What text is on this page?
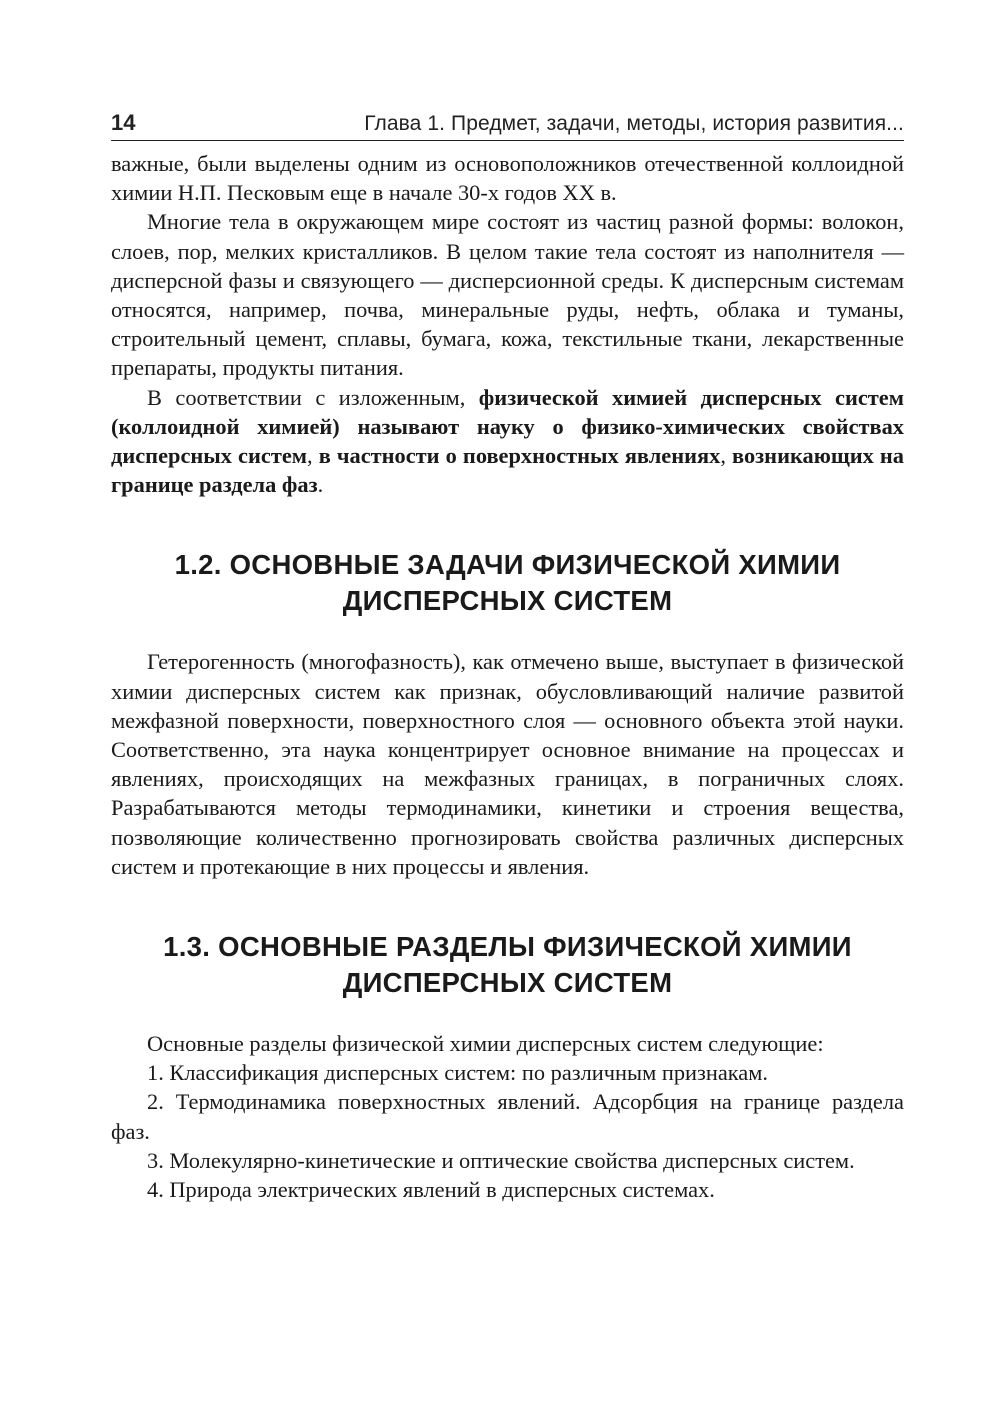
14	Глава 1. Предмет, задачи, методы, история развития...

важные, были выделены одним из основоположников отечественной коллоидной химии Н.П. Песковым еще в начале 30-х годов XX в.

Многие тела в окружающем мире состоят из частиц разной формы: волокон, слоев, пор, мелких кристалликов. В целом такие тела состоят из наполнителя — дисперсной фазы и связующего — дисперсионной среды. К дисперсным системам относятся, например, почва, минеральные руды, нефть, облака и туманы, строительный цемент, сплавы, бумага, кожа, текстильные ткани, лекарственные препараты, продукты питания.

В соответствии с изложенным, физической химией дисперсных систем (коллоидной химией) называют науку о физико-химических свойствах дисперсных систем, в частности о поверхностных явлениях, возникающих на границе раздела фаз.

1.2. ОСНОВНЫЕ ЗАДАЧИ ФИЗИЧЕСКОЙ ХИМИИ
ДИСПЕРСНЫХ СИСТЕМ

Гетерогенность (многофазность), как отмечено выше, выступает в физической химии дисперсных систем как признак, обусловливающий наличие развитой межфазной поверхности, поверхностного слоя — основного объекта этой науки. Соответственно, эта наука концентрирует основное внимание на процессах и явлениях, происходящих на межфазных границах, в пограничных слоях. Разрабатываются методы термодинамики, кинетики и строения вещества, позволяющие количественно прогнозировать свойства различных дисперсных систем и протекающие в них процессы и явления.

1.3. ОСНОВНЫЕ РАЗДЕЛЫ ФИЗИЧЕСКОЙ ХИМИИ
ДИСПЕРСНЫХ СИСТЕМ

Основные разделы физической химии дисперсных систем следующие:

1. Классификация дисперсных систем: по различным признакам.

2. Термодинамика поверхностных явлений. Адсорбция на границе раздела фаз.

3. Молекулярно-кинетические и оптические свойства дисперсных систем.

4. Природа электрических явлений в дисперсных системах.
